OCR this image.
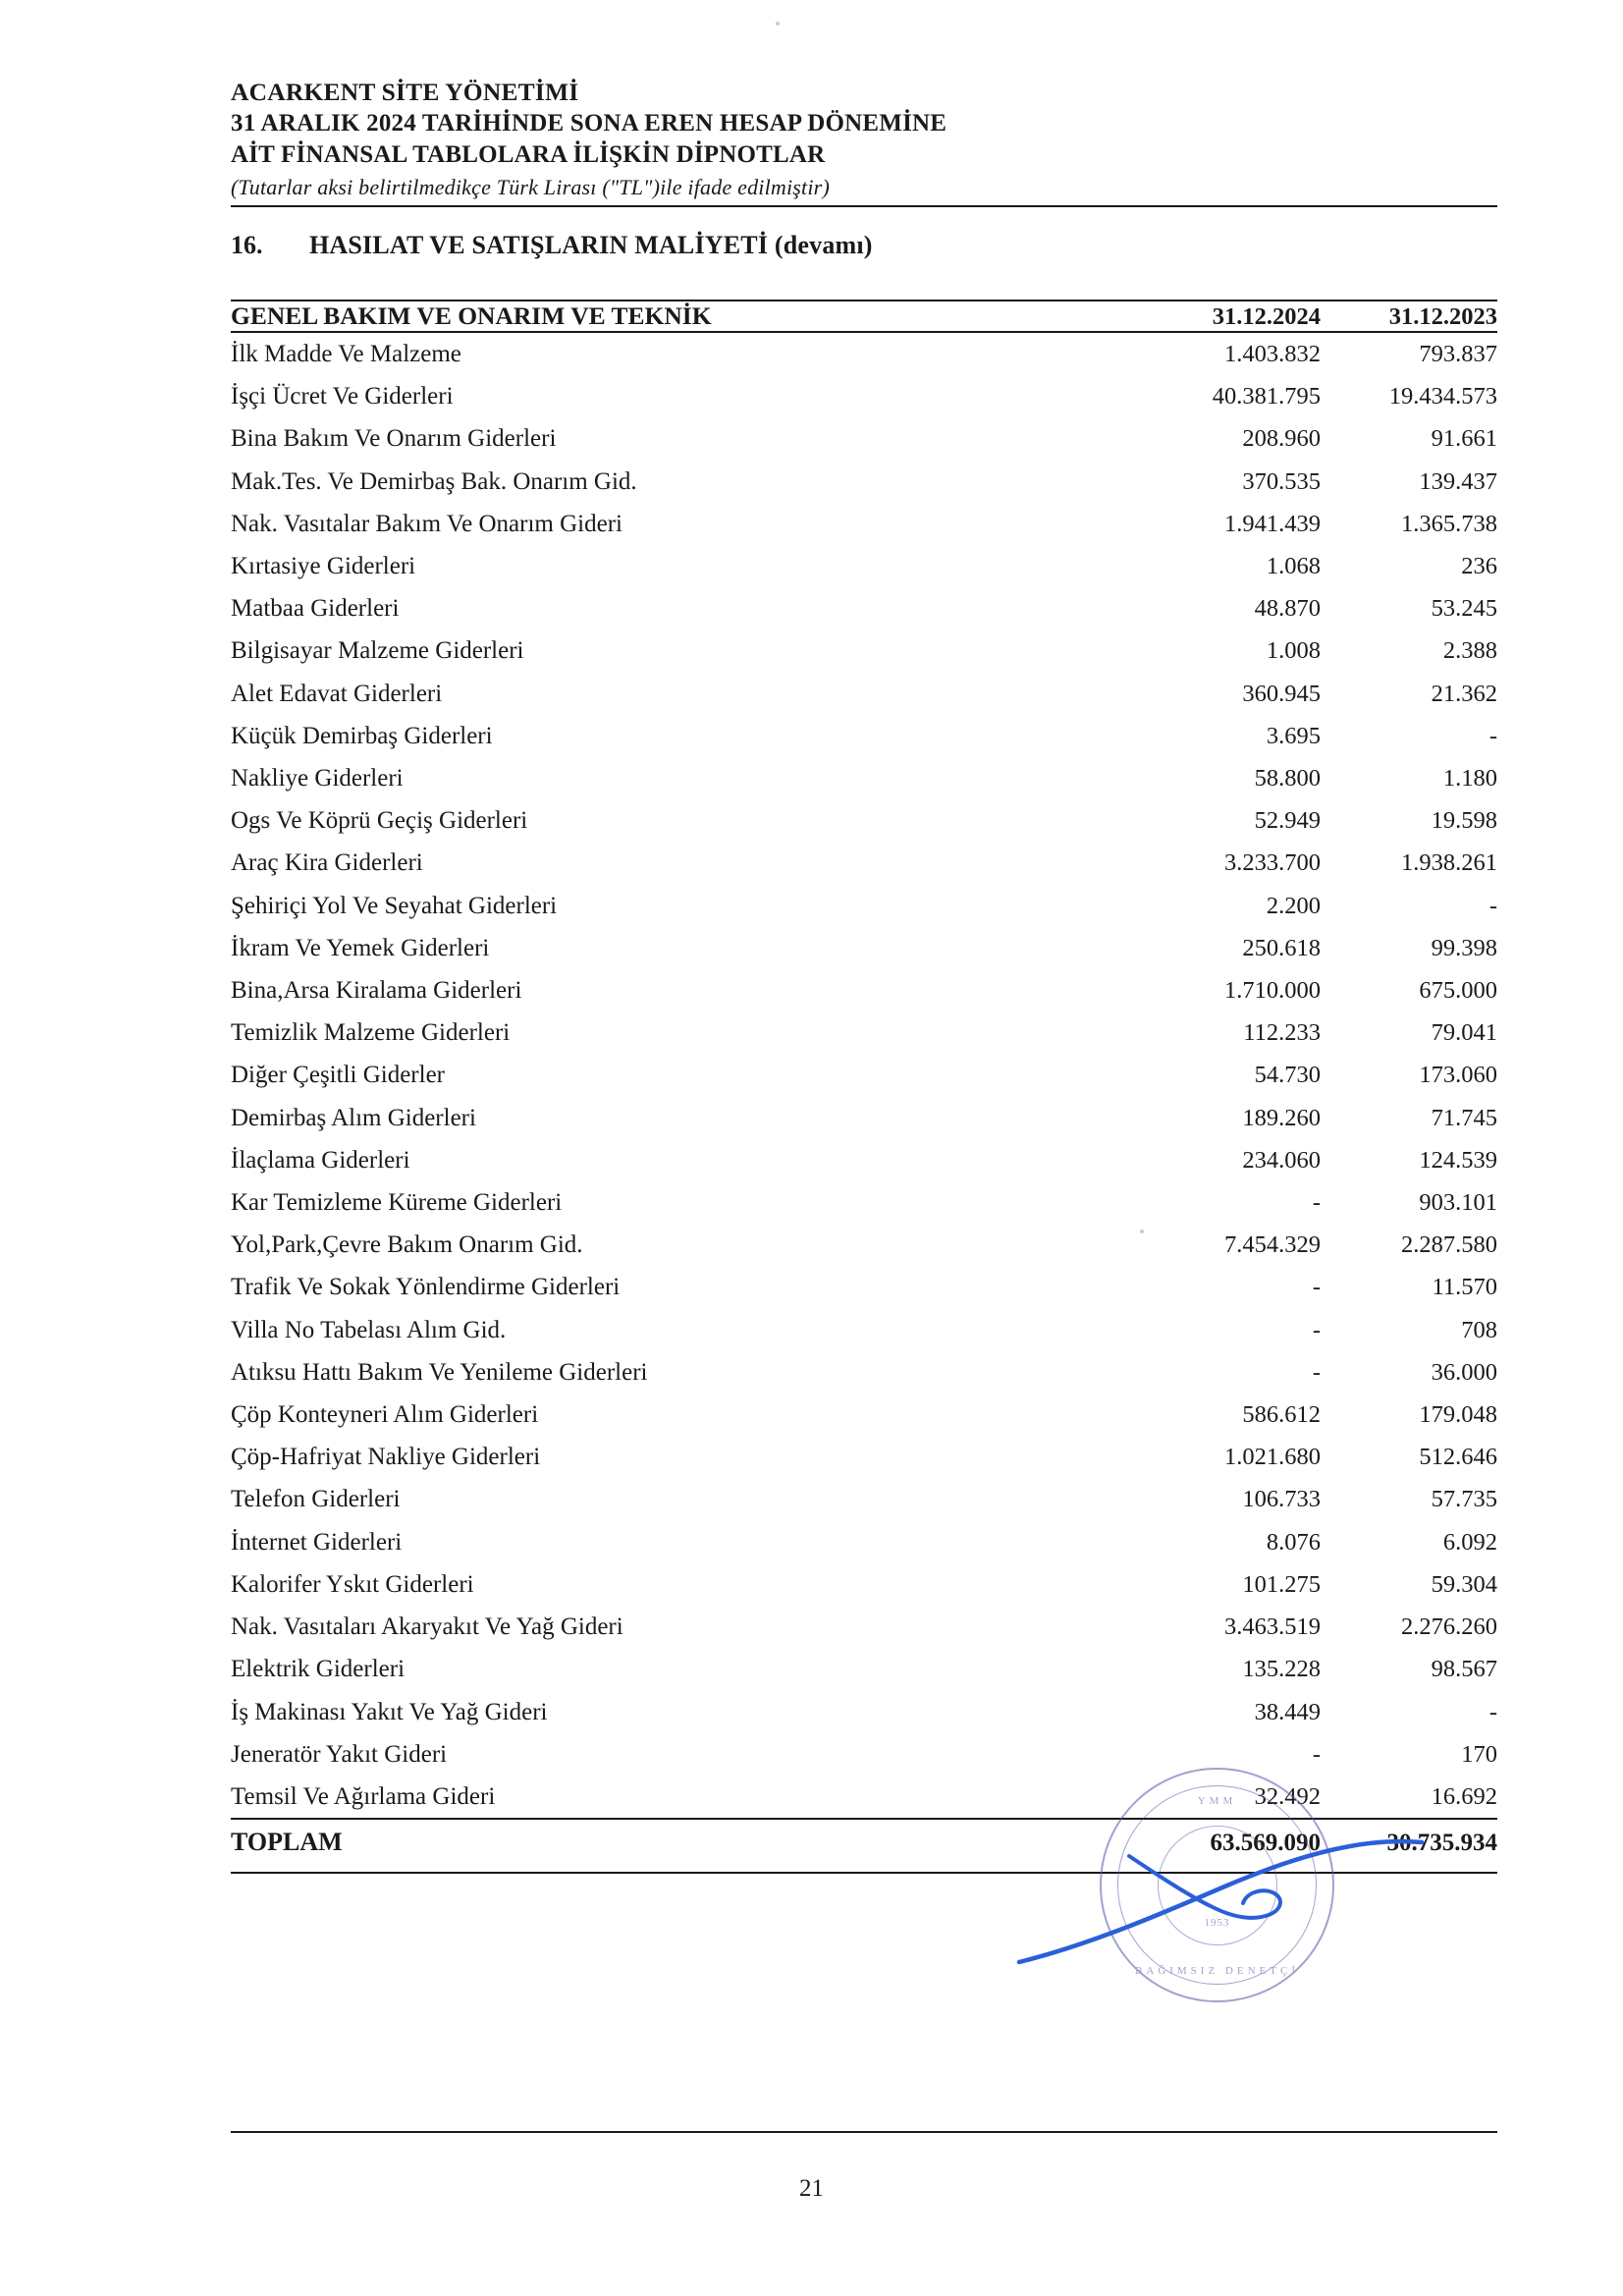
ACARKENT SİTE YÖNETİMİ
31 ARALIK 2024 TARİHİNDE SONA EREN HESAP DÖNEMİNE
AİT FİNANSAL TABLOLARA İLİŞKİN DİPNOTLAR
(Tutarlar aksi belirtilmedikçe Türk Lirası ("TL")ile ifade edilmiştir)
16.	HASILAT VE SATIŞLARIN MALİYETİ (devamı)

GENEL BAKIM VE ONARIM VE TEKNİK	31.12.2024	31.12.2023
İlk Madde Ve Malzeme	1.403.832	793.837
İşçi Ücret Ve Giderleri	40.381.795	19.434.573
Bina Bakım Ve Onarım Giderleri	208.960	91.661
Mak.Tes. Ve Demirbaş Bak. Onarım Gid.	370.535	139.437
Nak. Vasıtalar Bakım Ve Onarım Gideri	1.941.439	1.365.738
Kırtasiye Giderleri	1.068	236
Matbaa Giderleri	48.870	53.245
Bilgisayar Malzeme Giderleri	1.008	2.388
Alet Edavat Giderleri	360.945	21.362
Küçük Demirbaş Giderleri	3.695	-
Nakliye Giderleri	58.800	1.180
Ogs Ve Köprü Geçiş Giderleri	52.949	19.598
Araç Kira Giderleri	3.233.700	1.938.261
Şehiriçi Yol Ve Seyahat Giderleri	2.200	-
İkram Ve Yemek Giderleri	250.618	99.398
Bina,Arsa Kiralama Giderleri	1.710.000	675.000
Temizlik Malzeme Giderleri	112.233	79.041
Diğer Çeşitli Giderler	54.730	173.060
Demirbaş Alım Giderleri	189.260	71.745
İlaçlama Giderleri	234.060	124.539
Kar Temizleme Küreme Giderleri	-	903.101
Yol,Park,Çevre Bakım Onarım Gid.	7.454.329	2.287.580
Trafik Ve Sokak Yönlendirme Giderleri	-	11.570
Villa No Tabelası Alım Gid.	-	708
Atıksu Hattı Bakım Ve Yenileme Giderleri	-	36.000
Çöp Konteyneri Alım Giderleri	586.612	179.048
Çöp-Hafriyat Nakliye Giderleri	1.021.680	512.646
Telefon Giderleri	106.733	57.735
İnternet Giderleri	8.076	6.092
Kalorifer Yskıt Giderleri	101.275	59.304
Nak. Vasıtaları Akaryakıt Ve Yağ Gideri	3.463.519	2.276.260
Elektrik Giderleri	135.228	98.567
İş Makinası Yakıt Ve Yağ Gideri	38.449	-
Jeneratör Yakıt Gideri	-	170
Temsil Ve Ağırlama Gideri	32.492	16.692
TOPLAM	63.569.090	30.735.934
YMM
1953
BAĞIMSIZ DENETÇİ
21
